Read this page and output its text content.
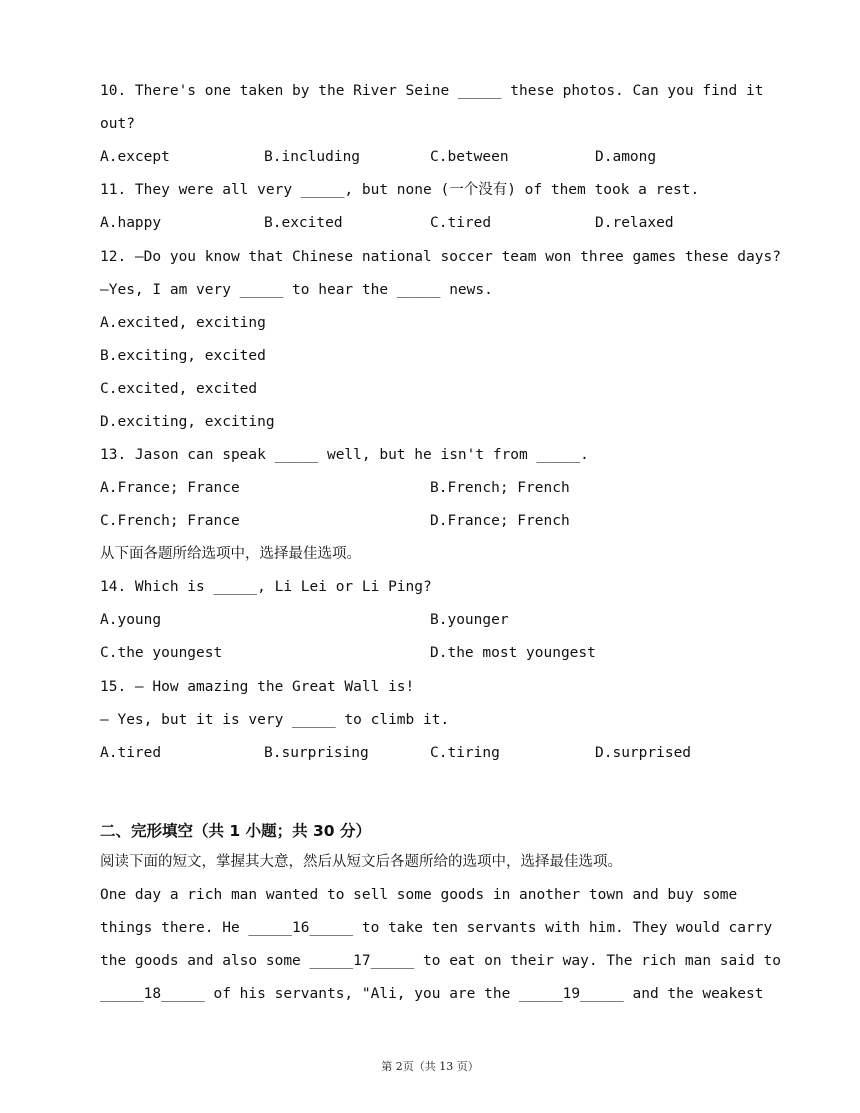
10. There's one taken by the River Seine _____ these photos. Can you find it
out?
A.except	B.including	C.between	D.among
11. They were all very _____, but none (一个没有) of them took a rest.
A.happy	B.excited	C.tired	D.relaxed
12. —Do you know that Chinese national soccer team won three games these days?
—Yes, I am very _____ to hear the _____ news.
A.excited, exciting
B.exciting, excited
C.excited, excited
D.exciting, exciting
13. Jason can speak _____ well, but he isn't from _____.
A.France; France	B.French; French
C.French; France	D.France; French
从下面各题所给选项中，选择最佳选项。
14. Which is _____, Li Lei or Li Ping?
A.young	B.younger
C.the youngest	D.the most youngest
15. — How amazing the Great Wall is!
— Yes, but it is very _____ to climb it.
A.tired	B.surprising	C.tiring	D.surprised
二、完形填空（共 1 小题；共 30 分）
阅读下面的短文，掌握其大意，然后从短文后各题所给的选项中，选择最佳选项。
One day a rich man wanted to sell some goods in another town and buy some
things there. He _____16_____ to take ten servants with him. They would carry
the goods and also some _____17_____ to eat on their way. The rich man said to
_____18_____ of his servants, "Ali, you are the _____19_____ and the weakest
第 2页（共 13 页）
